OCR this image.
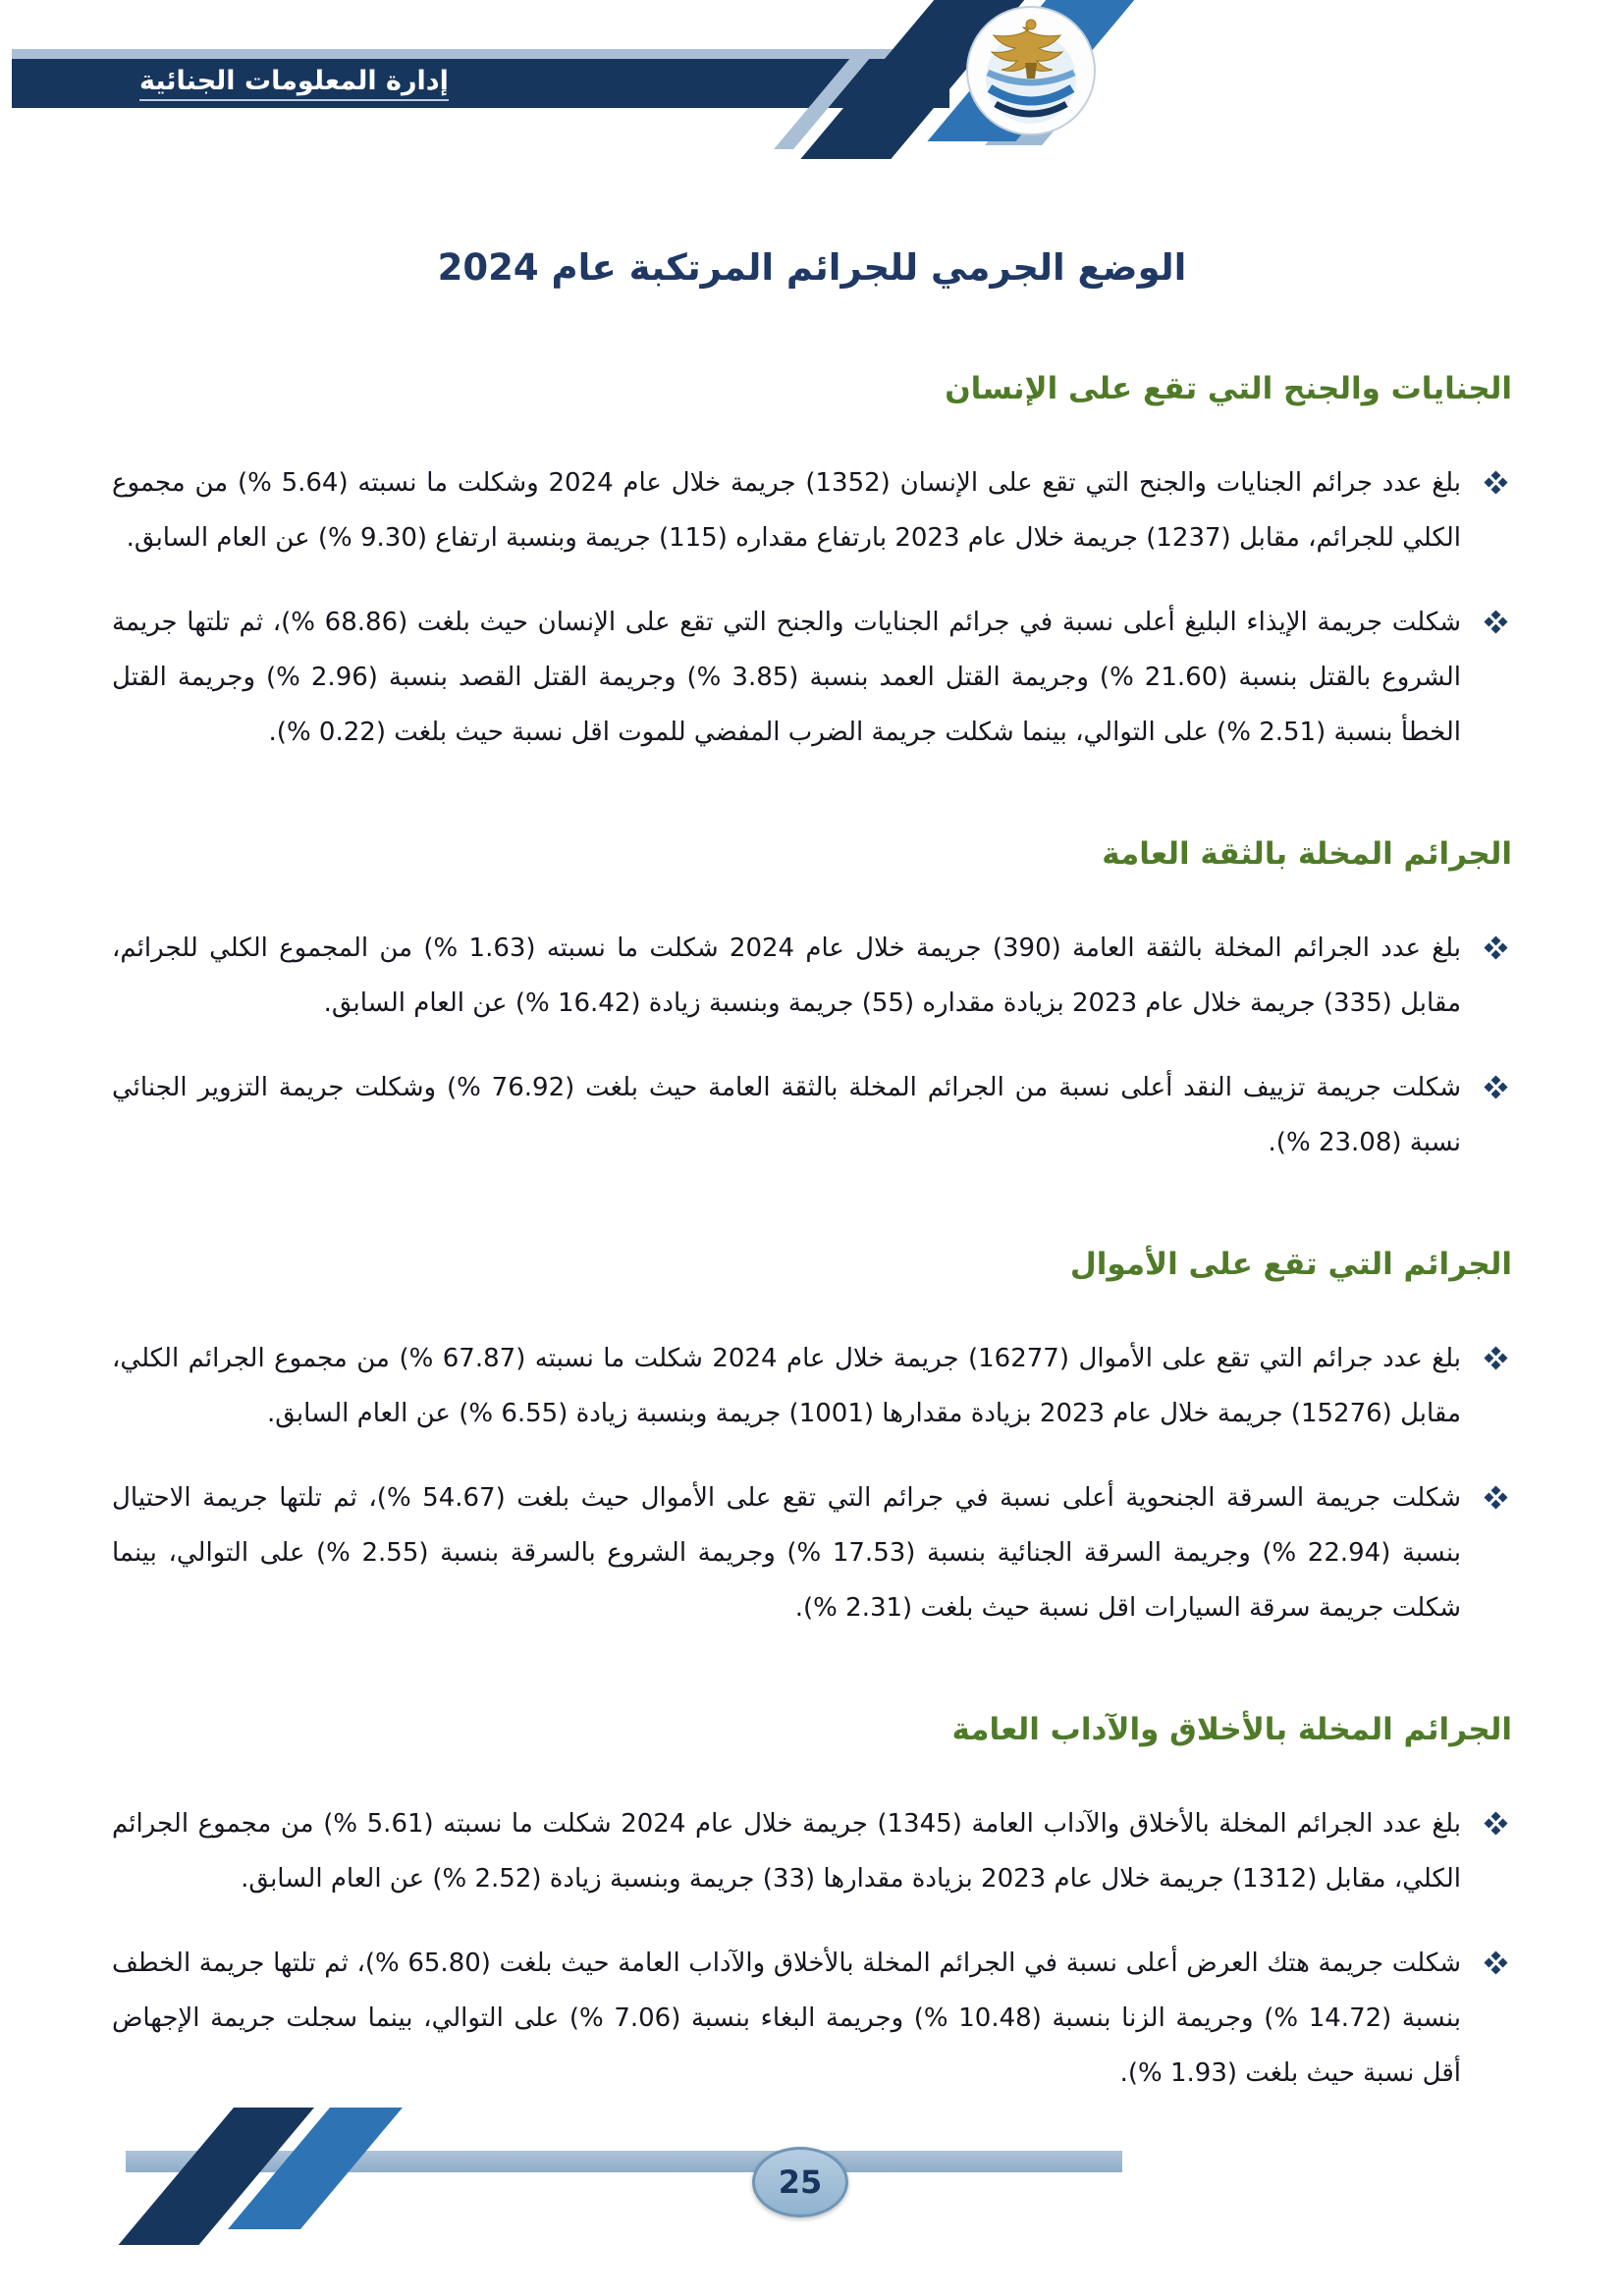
إدارة المعلومات الجنائية
الوضع الجرمي للجرائم المرتكبة عام 2024
الجنايات والجنح التي تقع على الإنسان

بلغ عدد جرائم الجنايات والجنح التي تقع على الإنسان (1352) جريمة خلال عام 2024 وشكلت ما نسبته (5.64 %) من مجموع الكلي للجرائم، مقابل (1237) جريمة خلال عام 2023 بارتفاع مقداره (115) جريمة وبنسبة ارتفاع (9.30 %) عن العام السابق.

شكلت جريمة الإيذاء البليغ أعلى نسبة في جرائم الجنايات والجنح التي تقع على الإنسان حيث بلغت (68.86 %)، ثم تلتها جريمة الشروع بالقتل بنسبة (21.60 %) وجريمة القتل العمد بنسبة (3.85 %) وجريمة القتل القصد بنسبة (2.96 %) وجريمة القتل الخطأ بنسبة (2.51 %) على التوالي، بينما شكلت جريمة الضرب المفضي للموت اقل نسبة حيث بلغت (0.22 %).

الجرائم المخلة بالثقة العامة

بلغ عدد الجرائم المخلة بالثقة العامة (390) جريمة خلال عام 2024 شكلت ما نسبته (1.63 %) من المجموع الكلي للجرائم، مقابل (335) جريمة خلال عام 2023 بزيادة مقداره (55) جريمة وبنسبة زيادة (16.42 %) عن العام السابق.

شكلت جريمة تزييف النقد أعلى نسبة من الجرائم المخلة بالثقة العامة حيث بلغت (76.92 %) وشكلت جريمة التزوير الجنائي نسبة (23.08 %).

الجرائم التي تقع على الأموال

بلغ عدد جرائم التي تقع على الأموال (16277) جريمة خلال عام 2024 شكلت ما نسبته (67.87 %) من مجموع الجرائم الكلي، مقابل (15276) جريمة خلال عام 2023 بزيادة مقدارها (1001) جريمة وبنسبة زيادة (6.55 %) عن العام السابق.

شكلت جريمة السرقة الجنحوية أعلى نسبة في جرائم التي تقع على الأموال حيث بلغت (54.67 %)، ثم تلتها جريمة الاحتيال بنسبة (22.94 %) وجريمة السرقة الجنائية بنسبة (17.53 %) وجريمة الشروع بالسرقة بنسبة (2.55 %) على التوالي، بينما شكلت جريمة سرقة السيارات اقل نسبة حيث بلغت (2.31 %).

الجرائم المخلة بالأخلاق والآداب العامة

بلغ عدد الجرائم المخلة بالأخلاق والآداب العامة (1345) جريمة خلال عام 2024 شكلت ما نسبته (5.61 %) من مجموع الجرائم الكلي، مقابل (1312) جريمة خلال عام 2023 بزيادة مقدارها (33) جريمة وبنسبة زيادة (2.52 %) عن العام السابق.

شكلت جريمة هتك العرض أعلى نسبة في الجرائم المخلة بالأخلاق والآداب العامة حيث بلغت (65.80 %)، ثم تلتها جريمة الخطف بنسبة (14.72 %) وجريمة الزنا بنسبة (10.48 %) وجريمة البغاء بنسبة (7.06 %) على التوالي، بينما سجلت جريمة الإجهاض أقل نسبة حيث بلغت (1.93 %).

25
